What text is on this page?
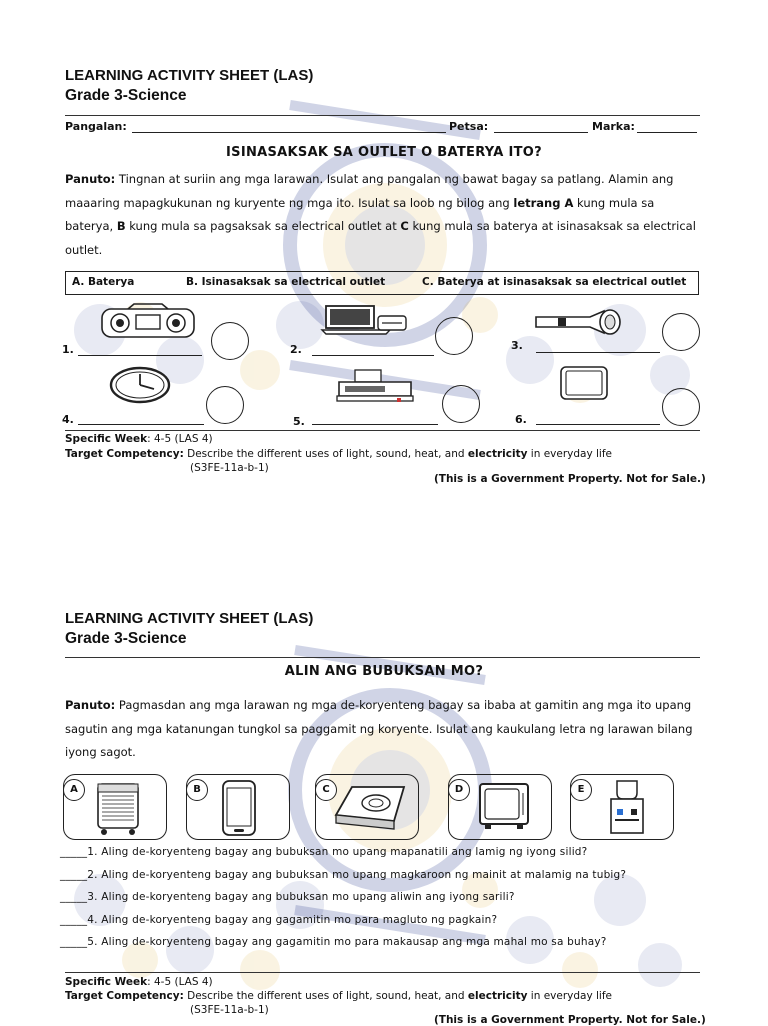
LEARNING ACTIVITY SHEET (LAS)
Grade 3-Science
Pangalan:	Petsa:	Marka:
ISINASAKSAK SA OUTLET O BATERYA ITO?
Panuto: Tingnan at suriin ang mga larawan. Isulat ang pangalan ng bawat bagay sa patlang. Alamin ang maaaring mapagkukunan ng kuryente ng mga ito. Isulat sa loob ng bilog ang letrang A kung mula sa baterya, B kung mula sa pagsaksak sa electrical outlet at C kung mula sa baterya at isinasaksak sa electrical outlet.
A. Baterya	B. Isinasaksak sa electrical outlet	C. Baterya at isinasaksak sa electrical outlet
1.	2.	3.
4.	5.	6.
Specific Week: 4-5 (LAS 4)
Target Competency: Describe the different uses of light, sound, heat, and electricity in everyday life
(S3FE-11a-b-1)
(This is a Government Property. Not for Sale.)
LEARNING ACTIVITY SHEET (LAS)
Grade 3-Science
ALIN ANG BUBUKSAN MO?
Panuto: Pagmasdan ang mga larawan ng mga de-koryenteng bagay sa ibaba at gamitin ang mga ito upang sagutin ang mga katanungan tungkol sa paggamit ng koryente. Isulat ang kaukulang letra ng larawan bilang iyong sagot.
A	B	C	D	E
_____1. Aling de-koryenteng bagay ang bubuksan mo upang mapanatili ang lamig ng iyong silid?
_____2. Aling de-koryenteng bagay ang bubuksan mo upang magkaroon ng mainit at malamig na tubig?
_____3. Aling de-koryenteng bagay ang bubuksan mo upang aliwin ang iyong sarili?
_____4. Aling de-koryenteng bagay ang gagamitin mo para magluto ng pagkain?
_____5. Aling de-koryenteng bagay ang gagamitin mo para makausap ang mga mahal mo sa buhay?
Specific Week: 4-5 (LAS 4)
Target Competency: Describe the different uses of light, sound, heat, and electricity in everyday life
(S3FE-11a-b-1)
(This is a Government Property. Not for Sale.)
